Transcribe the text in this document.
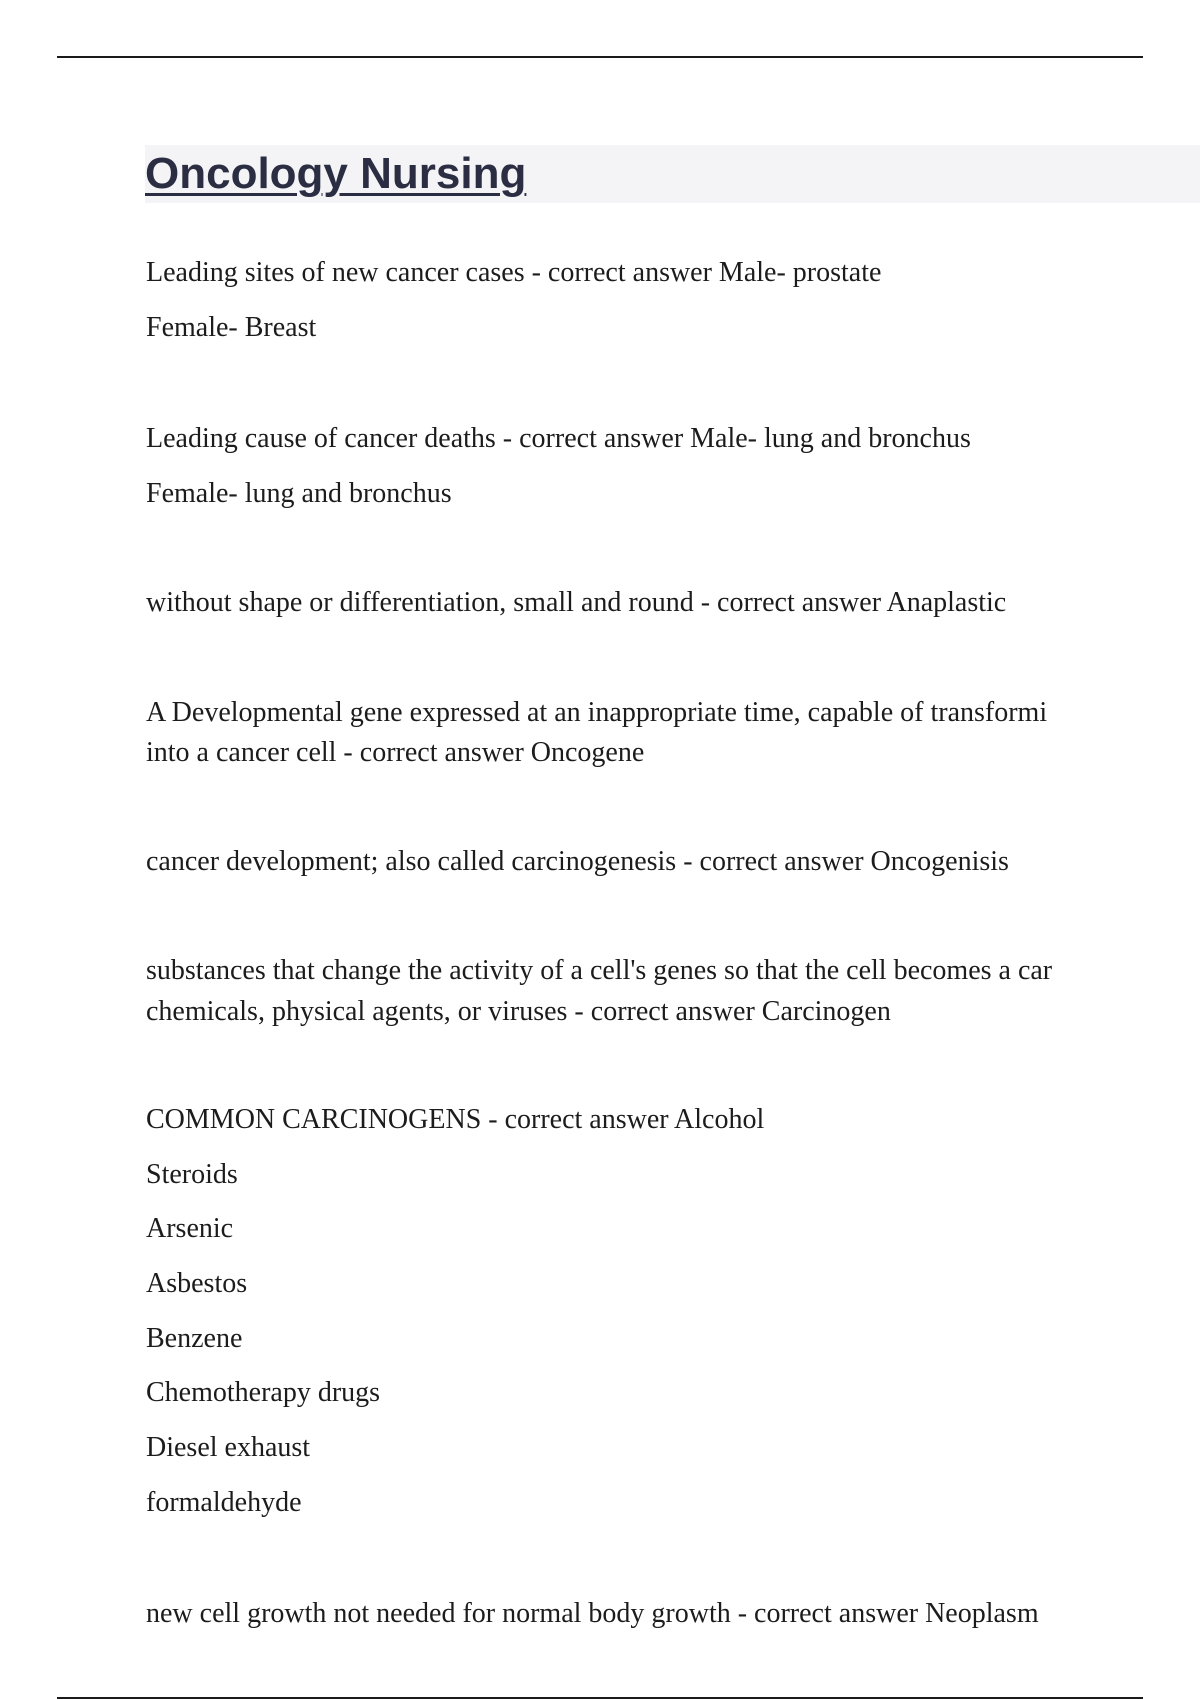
Oncology Nursing
Leading sites of new cancer cases - correct answer Male- prostate
Female- Breast
Leading cause of cancer deaths - correct answer Male- lung and bronchus
Female- lung and bronchus
without shape or differentiation, small and round - correct answer Anaplastic
A Developmental gene expressed at an inappropriate time, capable of transformi
into a cancer cell - correct answer Oncogene
cancer development; also called carcinogenesis - correct answer Oncogenisis
substances that change the activity of a cell's genes so that the cell becomes a car
chemicals, physical agents, or viruses - correct answer Carcinogen
COMMON CARCINOGENS - correct answer Alcohol
Steroids
Arsenic
Asbestos
Benzene
Chemotherapy drugs
Diesel exhaust
formaldehyde
new cell growth not needed for normal body growth - correct answer Neoplasm
